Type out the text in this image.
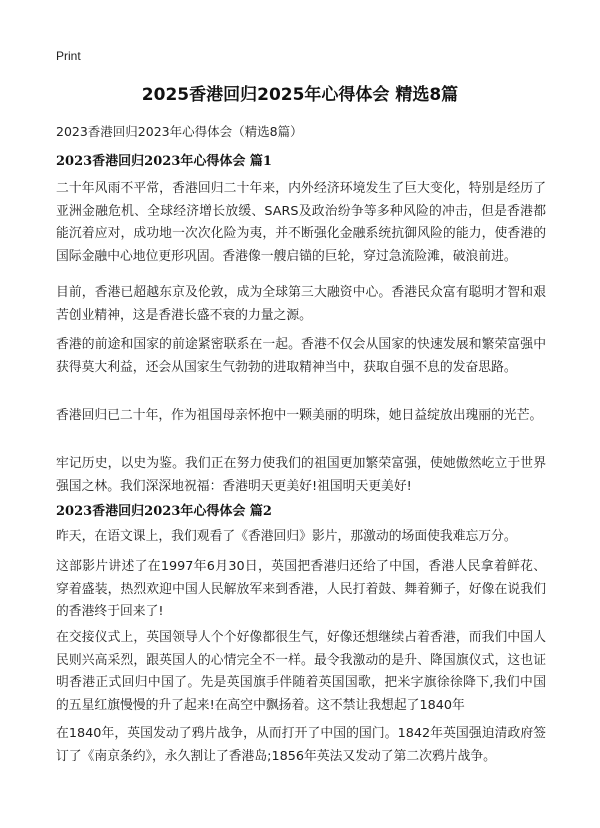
Print
2025香港回归2025年心得体会 精选8篇
2023香港回归2023年心得体会（精选8篇）
2023香港回归2023年心得体会 篇1

二十年风雨不平常，香港回归二十年来，内外经济环境发生了巨大变化，特别是经历了亚洲金融危机、全球经济增长放缓、SARS及政治纷争等多种风险的冲击，但是香港都能沉着应对，成功地一次次化险为夷，并不断强化金融系统抗御风险的能力，使香港的国际金融中心地位更形巩固。香港像一艘启锚的巨轮，穿过急流险滩，破浪前进。

目前，香港已超越东京及伦敦，成为全球第三大融资中心。香港民众富有聪明才智和艰苦创业精神，这是香港长盛不衰的力量之源。

香港的前途和国家的前途紧密联系在一起。香港不仅会从国家的快速发展和繁荣富强中获得莫大利益，还会从国家生气勃勃的进取精神当中，获取自强不息的发奋思路。

香港回归已二十年，作为祖国母亲怀抱中一颗美丽的明珠，她日益绽放出瑰丽的光芒。

牢记历史，以史为鉴。我们正在努力使我们的祖国更加繁荣富强，使她傲然屹立于世界强国之林。我们深深地祝福：香港明天更美好!祖国明天更美好!

2023香港回归2023年心得体会 篇2

昨天，在语文课上，我们观看了《香港回归》影片，那激动的场面使我难忘万分。

这部影片讲述了在1997年6月30日，英国把香港归还给了中国，香港人民拿着鲜花、穿着盛装，热烈欢迎中国人民解放军来到香港，人民打着鼓、舞着狮子，好像在说我们的香港终于回来了!

在交接仪式上，英国领导人个个好像都很生气，好像还想继续占着香港，而我们中国人民则兴高采烈，跟英国人的心情完全不一样。最令我激动的是升、降国旗仪式，这也证明香港正式回归中国了。先是英国旗手伴随着英国国歌，把米字旗徐徐降下,我们中国的五星红旗慢慢的升了起来!在高空中飘扬着。这不禁让我想起了1840年

在1840年，英国发动了鸦片战争，从而打开了中国的国门。1842年英国强迫清政府签订了《南京条约》，永久割让了香港岛;1856年英法又发动了第二次鸦片战争。
